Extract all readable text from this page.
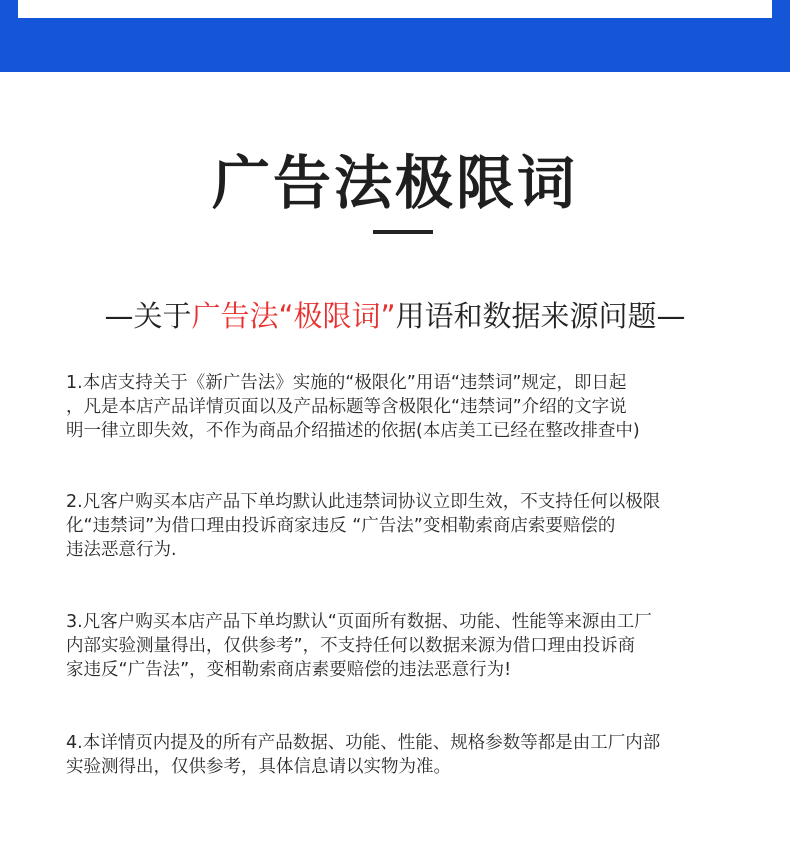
广告法极限词
—关于广告法“极限词”用语和数据来源问题—
1.本店支持关于《新广告法》实施的“极限化”用语“违禁词”规定，即日起
，凡是本店产品详情页面以及产品标题等含极限化“违禁词”介绍的文字说
明一律立即失效，不作为商品介绍描述的依据(本店美工已经在整改排查中)
2.凡客户购买本店产品下单均默认此违禁词协议立即生效，不支持任何以极限
化“违禁词”为借口理由投诉商家违反 “广告法”变相勒索商店索要赔偿的
违法恶意行为.
3.凡客户购买本店产品下单均默认“页面所有数据、功能、性能等来源由工厂
内部实验测量得出，仅供参考”，不支持任何以数据来源为借口理由投诉商
家违反“广告法”，变相勒索商店素要赔偿的违法恶意行为!
4.本详情页内提及的所有产品数据、功能、性能、规格参数等都是由工厂内部
实验测得出，仅供参考，具体信息请以实物为准。
